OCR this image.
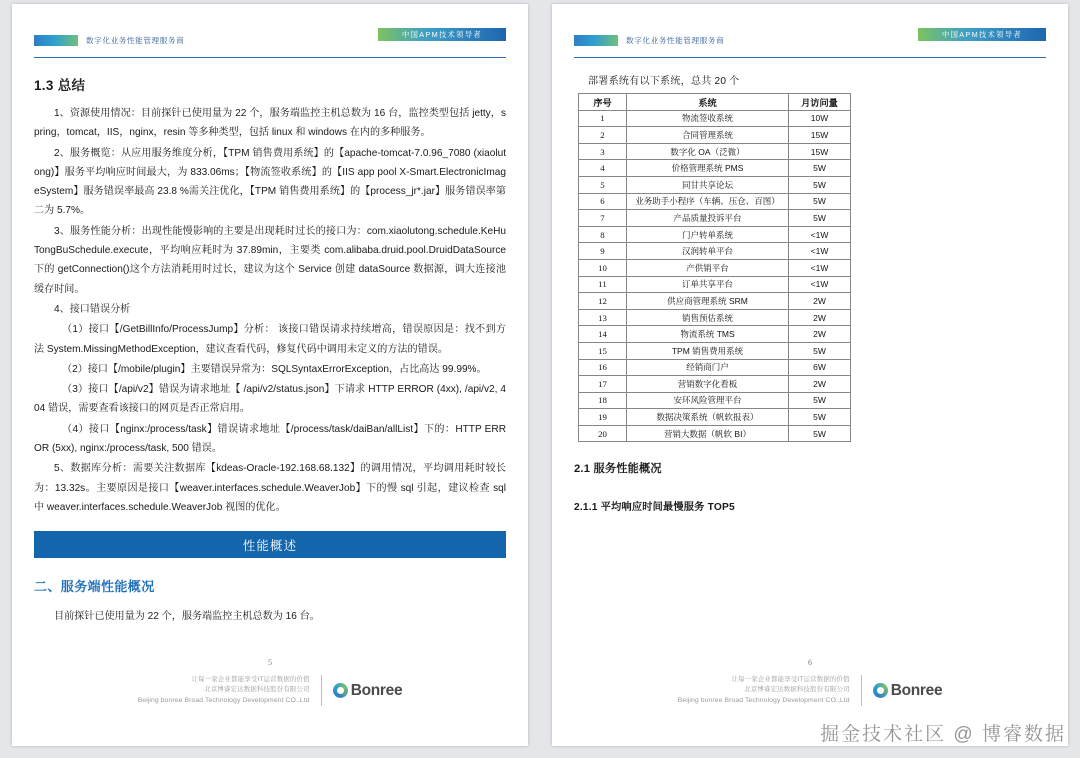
数字化业务性能管理服务商
中国APM技术领导者
1.3 总结

1、资源使用情况：目前探针已使用量为 22 个，服务端监控主机总数为 16 台，监控类型包括 jetty，spring，tomcat，IIS，nginx，resin 等多种类型，包括 linux 和 windows 在内的多种服务。

2、服务概览：从应用服务维度分析，【TPM 销售费用系统】的【apache-tomcat-7.0.96_7080 (xiaolutong)】服务平均响应时间最大，为 833.06ms；【物流签收系统】的【IIS app pool X-Smart.ElectronicImageSystem】服务错误率最高 23.8 %需关注优化，【TPM 销售费用系统】的【process_jr*.jar】服务错误率第二为 5.7%。

3、服务性能分析：出现性能慢影响的主要是出现耗时过长的接口为：com.xiaolutong.schedule.KeHuTongBuSchedule.execute，平均响应耗时为 37.89min，主要类 com.alibaba.druid.pool.DruidDataSource 下的 getConnection()这个方法消耗用时过长，建议为这个 Service 创建 dataSource 数据源，调大连接池缓存时间。

4、接口错误分析

（1）接口【/GetBillInfo/ProcessJump】分析： 该接口错误请求持续增高，错误原因是：找不到方法 System.MissingMethodException，建议查看代码，修复代码中调用未定义的方法的错误。

（2）接口【/mobile/plugin】主要错误异常为：SQLSyntaxErrorException，占比高达 99.99%。

（3）接口【/api/v2】错误为请求地址【 /api/v2/status.json】下请求 HTTP ERROR (4xx), /api/v2, 404 错误，需要查看该接口的网页是否正常启用。

（4）接口【nginx:/process/task】错误请求地址【/process/task/daiBan/allList】下的：HTTP ERROR (5xx), nginx:/process/task, 500 错误。

5、数据库分析：需要关注数据库【kdeas-Oracle-192.168.68.132】的调用情况，平均调用耗时较长为：13.32s。主要原因是接口【weaver.interfaces.schedule.WeaverJob】下的慢 sql 引起，建议检查 sql 中 weaver.interfaces.schedule.WeaverJob 视图的优化。

性能概述
二、服务端性能概况
目前探针已使用量为 22 个，服务端监控主机总数为 16 台。
5
让每一家企业都能享受IT运营数据的价值
北京博睿宏达数据科技股份有限公司
Beijing bonree Broad Technology Development CO.,Ltd
Bonree
数字化业务性能管理服务商
中国APM技术领导者
部署系统有以下系统，总共 20 个
序号	系统	月访问量
1	物流签收系统	10W
2	合同管理系统	15W
3	数字化 OA（泛微）	15W
4	价格管理系统 PMS	5W
5	同甘共享论坛	5W
6	业务助手小程序（车辆、压仓、百图）	5W
7	产品质量投诉平台	5W
8	门户转单系统	<1W
9	汉润转单平台	<1W
10	产供销平台	<1W
11	订单共享平台	<1W
12	供应商管理系统 SRM	2W
13	销售预估系统	2W
14	物流系统 TMS	2W
15	TPM 销售费用系统	5W
16	经销商门户	6W
17	营销数字化看板	2W
18	安环风险管理平台	5W
19	数据决策系统（帆软报表）	5W
20	营销大数据（帆软 BI）	5W
2.1 服务性能概况
2.1.1 平均响应时间最慢服务 TOP5
6
让每一家企业都能享受IT运营数据的价值
北京博睿宏达数据科技股份有限公司
Beijing bonree Broad Technology Development CO.,Ltd
Bonree
掘金技术社区 @ 博睿数据
